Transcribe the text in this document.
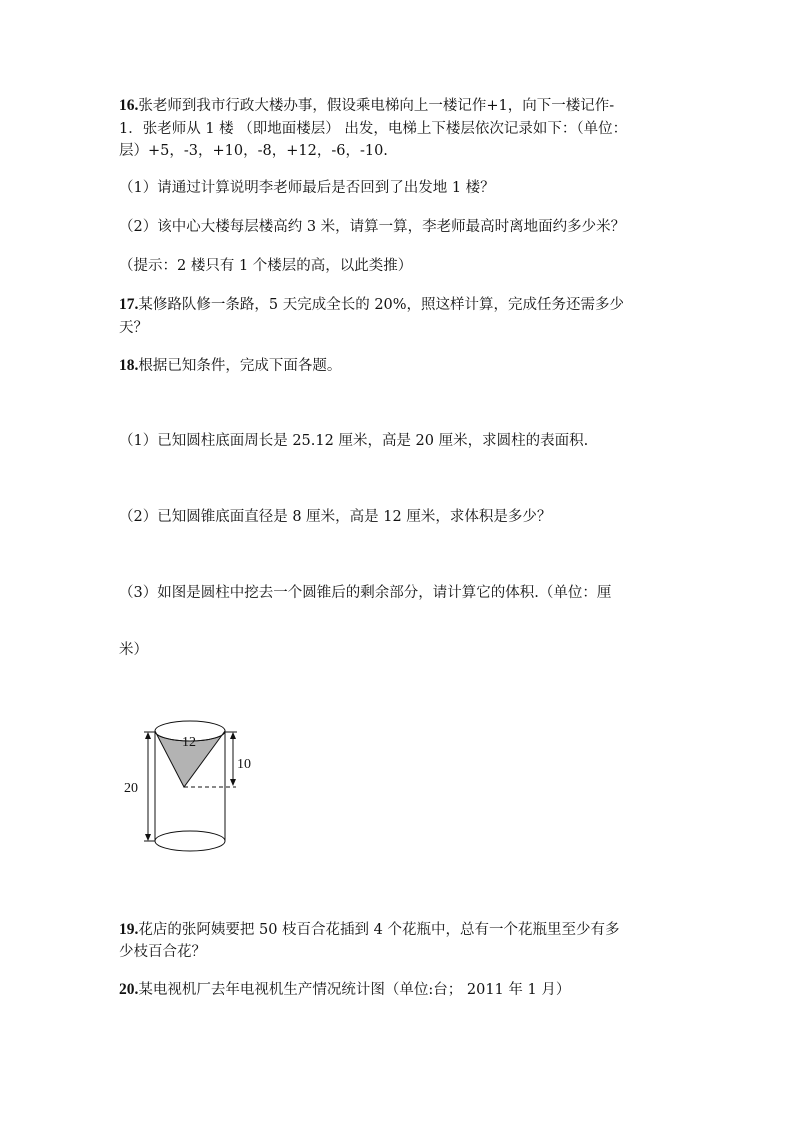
16.张老师到我市行政大楼办事，假设乘电梯向上一楼记作+1，向下一楼记作-
1．张老师从 1 楼 （即地面楼层） 出发，电梯上下楼层依次记录如下：（单位：
层）+5，-3，+10，-8，+12，-6，-10.
（1）请通过计算说明李老师最后是否回到了出发地 1 楼？
（2）该中心大楼每层楼高约 3 米，请算一算，李老师最高时离地面约多少米？
（提示：2 楼只有 1 个楼层的高，以此类推）
17.某修路队修一条路，5 天完成全长的 20%，照这样计算，完成任务还需多少
天？
18.根据已知条件，完成下面各题。
（1）已知圆柱底面周长是 25.12 厘米，高是 20 厘米，求圆柱的表面积.
（2）已知圆锥底面直径是 8 厘米，高是 12 厘米，求体积是多少？
（3）如图是圆柱中挖去一个圆锥后的剩余部分，请计算它的体积.（单位：厘
米）
12
10
20
19.花店的张阿姨要把 50 枝百合花插到 4 个花瓶中，总有一个花瓶里至少有多
少枝百合花？
20.某电视机厂去年电视机生产情况统计图（单位:台； 2011 年 1 月）
